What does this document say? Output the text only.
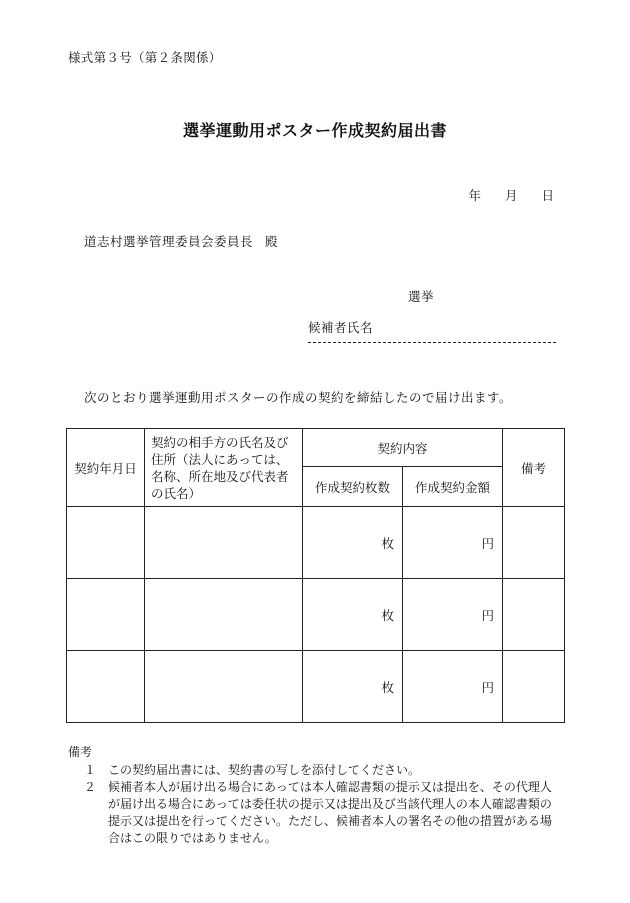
様式第３号（第２条関係）
選挙運動用ポスター作成契約届出書
年 月 日
道志村選挙管理委員会委員長 殿
選挙
候補者氏名
次のとおり選挙運動用ポスターの作成の契約を締結したので届け出ます。
契約年月日	契約の相手方の氏名及び住所（法人にあっては、名称、所在地及び代表者の氏名）	契約内容		備考
		作成契約枚数	作成契約金額	
		枚	円	
		枚	円	
		枚	円	
備考
１ この契約届出書には、契約書の写しを添付してください。
２ 候補者本人が届け出る場合にあっては本人確認書類の提示又は提出を、その代理人が届け出る場合にあっては委任状の提示又は提出及び当該代理人の本人確認書類の提示又は提出を行ってください。ただし、候補者本人の署名その他の措置がある場合はこの限りではありません。
